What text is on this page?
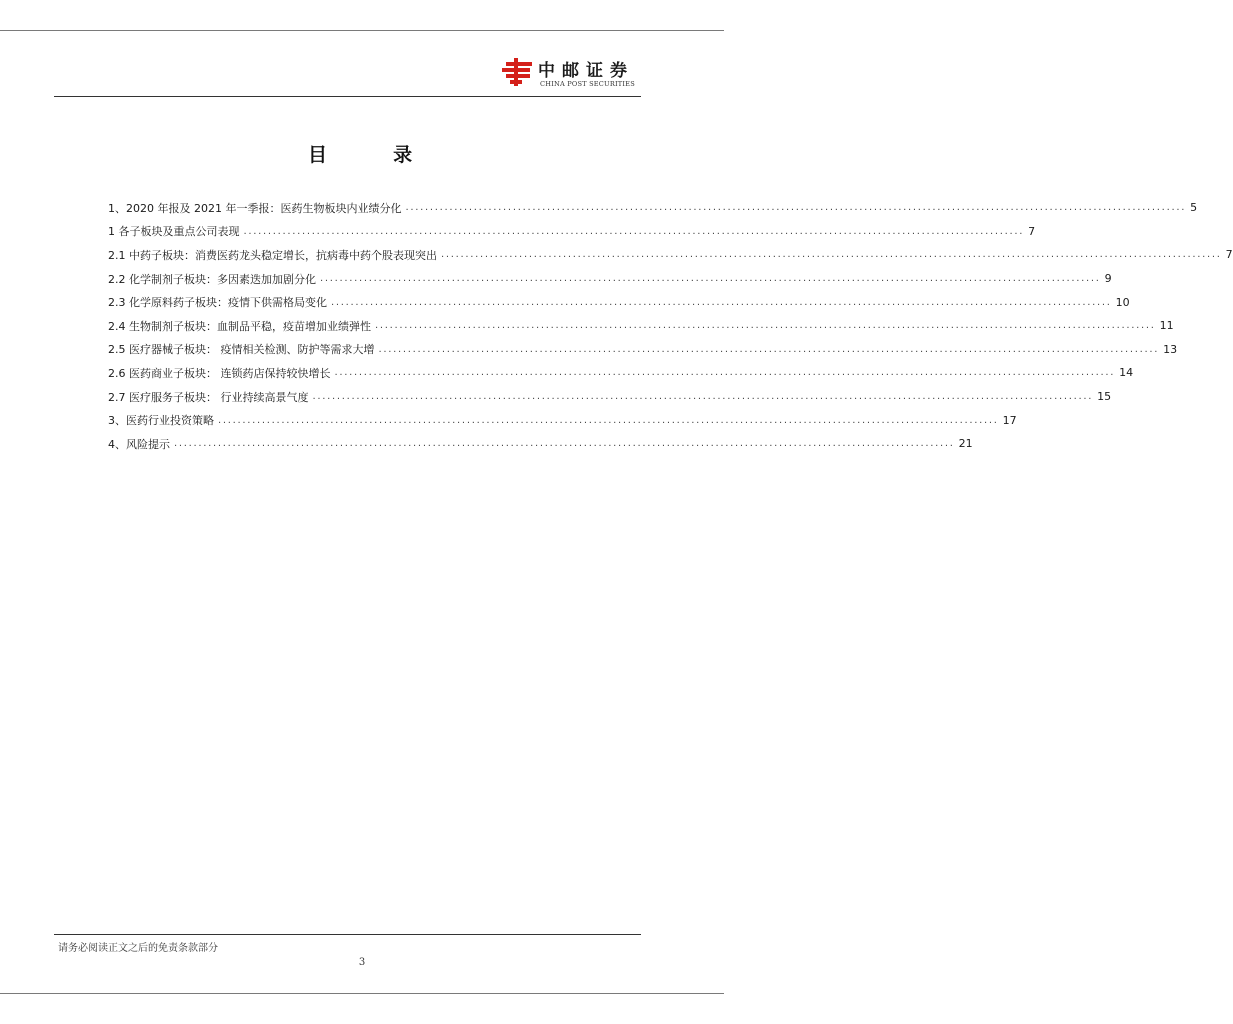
中邮证券
CHINA POST SECURITIES
目          录
1、2020 年报及 2021 年一季报：医药生物板块内业绩分化 ................................................................................................................................................................ 5
1 各子板块及重点公司表现 ................................................................................................................................................................ 7
2.1 中药子板块：消费医药龙头稳定增长，抗病毒中药个股表现突出 ................................................................................................................................................................ 7
2.2 化学制剂子板块：多因素迭加加剧分化 ................................................................................................................................................................ 9
2.3 化学原料药子板块：疫情下供需格局变化 ................................................................................................................................................................ 10
2.4 生物制剂子板块：血制品平稳，疫苗增加业绩弹性 ................................................................................................................................................................ 11
2.5 医疗器械子板块： 疫情相关检测、防护等需求大增 ................................................................................................................................................................ 13
2.6 医药商业子板块： 连锁药店保持较快增长 ................................................................................................................................................................ 14
2.7 医疗服务子板块： 行业持续高景气度 ................................................................................................................................................................ 15
3、医药行业投资策略 ................................................................................................................................................................ 17
4、风险提示 ................................................................................................................................................................ 21
请务必阅读正文之后的免责条款部分
3
